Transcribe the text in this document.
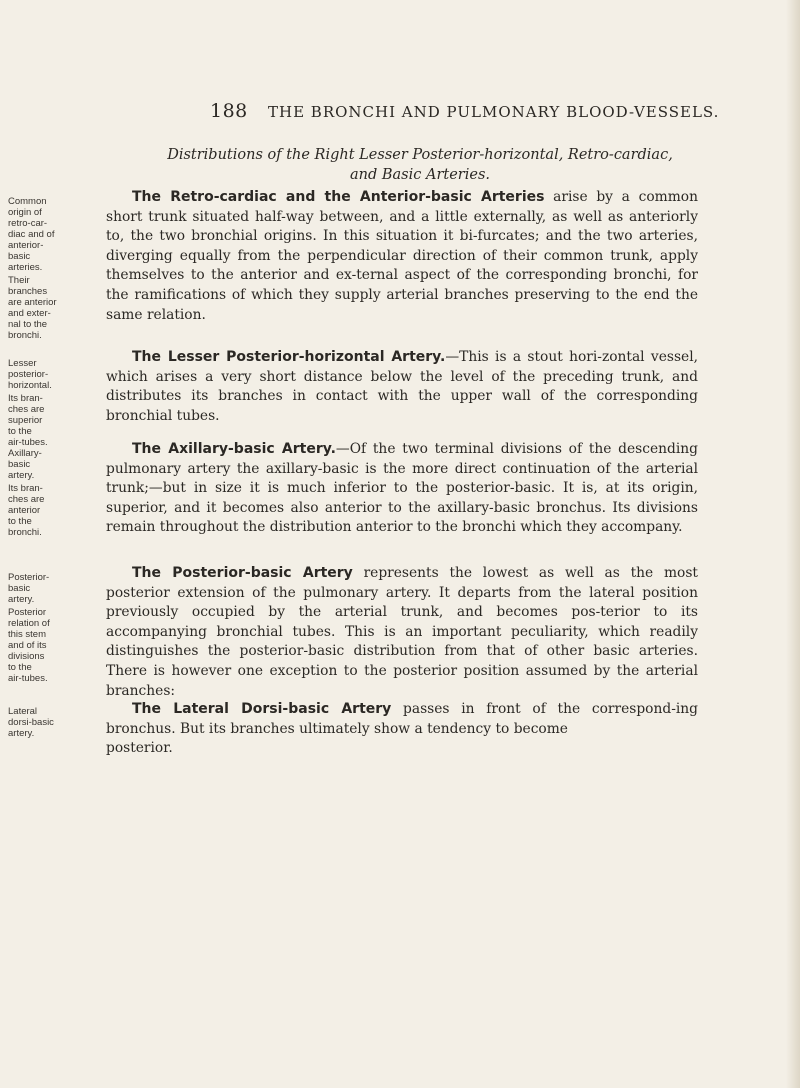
188 THE BRONCHI AND PULMONARY BLOOD-VESSELS.
Distributions of the Right Lesser Posterior-horizontal, Retro-cardiac,
and Basic Arteries.
Common
origin of
retro-car-
diac and of
anterior-
basic
arteries.
Their
branches
are anterior
and exter-
nal to the
bronchi.

The Retro-cardiac and the Anterior-basic Arteries arise by a common short trunk situated half-way between, and a little externally, as well as anteriorly to, the two bronchial origins. In this situation it bi-furcates; and the two arteries, diverging equally from the perpendicular direction of their common trunk, apply themselves to the anterior and ex-ternal aspect of the corresponding bronchi, for the ramifications of which they supply arterial branches preserving to the end the same relation.

Lesser
posterior-
horizontal.
Its bran-
ches are
superior
to the
air-tubes.

The Lesser Posterior-horizontal Artery.—This is a stout hori-zontal vessel, which arises a very short distance below the level of the preceding trunk, and distributes its branches in contact with the upper wall of the corresponding bronchial tubes.

Axillary-
basic
artery.
Its bran-
ches are
anterior
to the
bronchi.

The Axillary-basic Artery.—Of the two terminal divisions of the descending pulmonary artery the axillary-basic is the more direct continuation of the arterial trunk;—but in size it is much inferior to the posterior-basic. It is, at its origin, superior, and it becomes also anterior to the axillary-basic bronchus. Its divisions remain throughout the distribution anterior to the bronchi which they accompany.

Posterior-
basic
artery.
Posterior
relation of
this stem
and of its
divisions
to the
air-tubes.

The Posterior-basic Artery represents the lowest as well as the most posterior extension of the pulmonary artery. It departs from the lateral position previously occupied by the arterial trunk, and becomes pos-terior to its accompanying bronchial tubes. This is an important peculiarity, which readily distinguishes the posterior-basic distribution from that of other basic arteries. There is however one exception to the posterior position assumed by the arterial branches:

Lateral
dorsi-basic
artery.

The Lateral Dorsi-basic Artery passes in front of the correspond-ing bronchus. But its branches ultimately show a tendency to become
posterior.
